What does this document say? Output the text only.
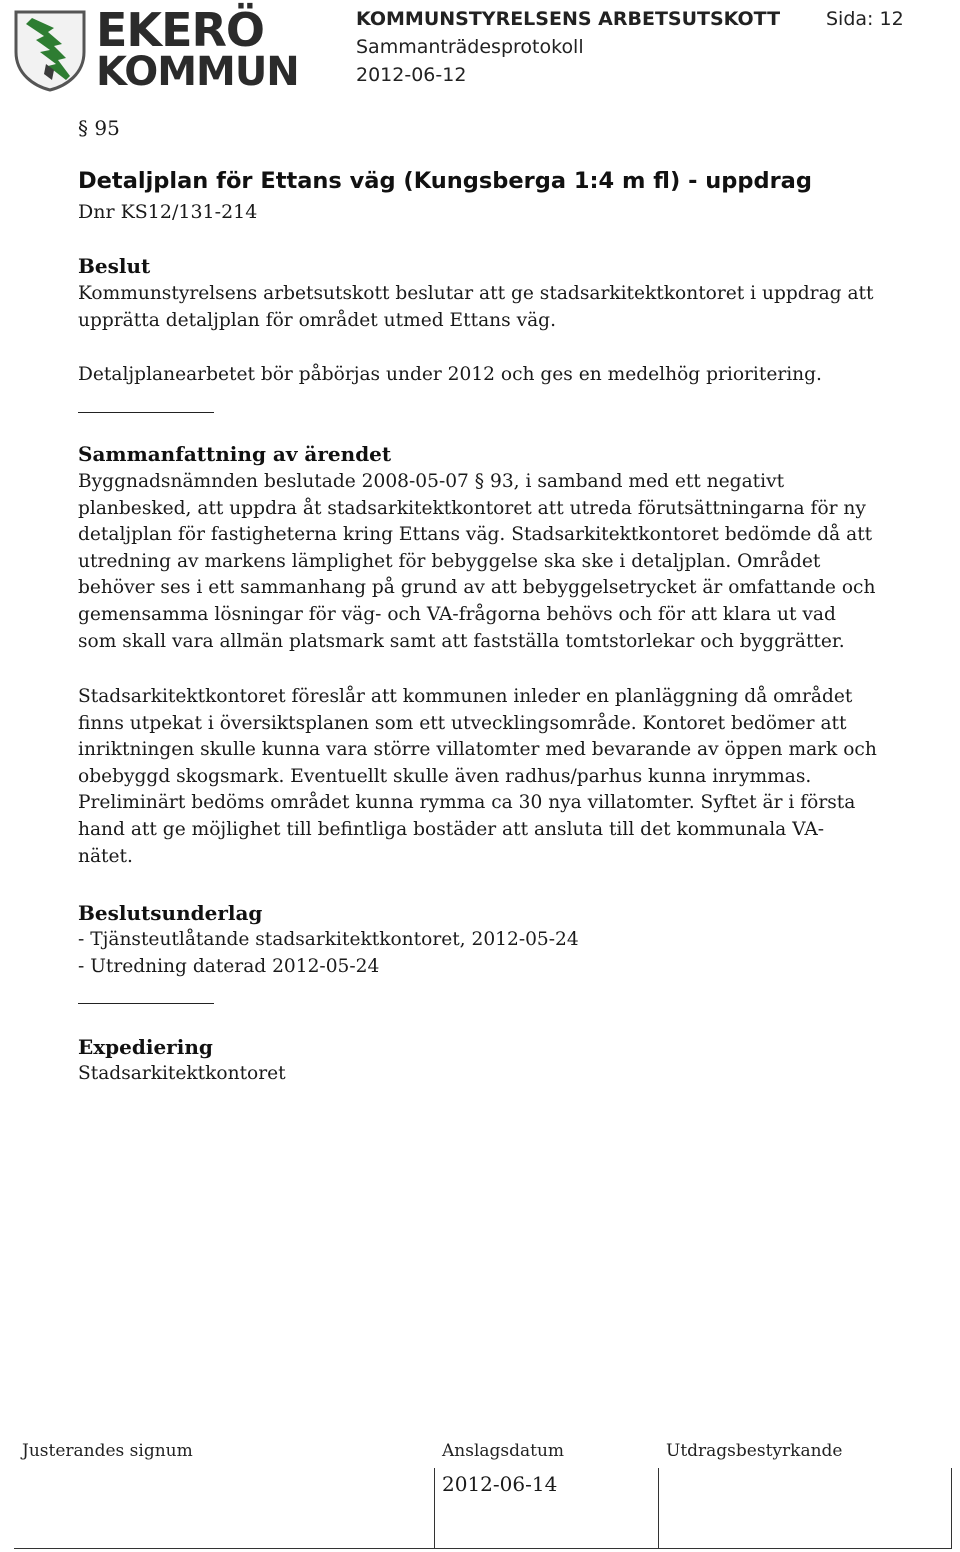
EKERÖ
KOMMUN
KOMMUNSTYRELSENS ARBETSUTSKOTT
Sammanträdesprotokoll
2012-06-12
Sida: 12
§ 95
Detaljplan för Ettans väg (Kungsberga 1:4 m fl) - uppdrag
Dnr KS12/131-214
Beslut

Kommunstyrelsens arbetsutskott beslutar att ge stadsarkitektkontoret i uppdrag att

upprätta detaljplan för området utmed Ettans väg.

Detaljplanearbetet bör påbörjas under 2012 och ges en medelhög prioritering.

Sammanfattning av ärendet

Byggnadsnämnden beslutade 2008-05-07 § 93, i samband med ett negativt

planbesked, att uppdra åt stadsarkitektkontoret att utreda förutsättningarna för ny

detaljplan för fastigheterna kring Ettans väg. Stadsarkitektkontoret bedömde då att

utredning av markens lämplighet för bebyggelse ska ske i detaljplan. Området

behöver ses i ett sammanhang på grund av att bebyggelsetrycket är omfattande och

gemensamma lösningar för väg- och VA-frågorna behövs och för att klara ut vad

som skall vara allmän platsmark samt att fastställa tomtstorlekar och byggrätter.

Stadsarkitektkontoret föreslår att kommunen inleder en planläggning då området

finns utpekat i översiktsplanen som ett utvecklingsområde. Kontoret bedömer att

inriktningen skulle kunna vara större villatomter med bevarande av öppen mark och

obebyggd skogsmark. Eventuellt skulle även radhus/parhus kunna inrymmas.

Preliminärt bedöms området kunna rymma ca 30 nya villatomter. Syftet är i första

hand att ge möjlighet till befintliga bostäder att ansluta till det kommunala VA-

nätet.

Beslutsunderlag

- Tjänsteutlåtande stadsarkitektkontoret, 2012-05-24

- Utredning daterad 2012-05-24

Expediering

Stadsarkitektkontoret

Justerandes signum	Anslagsdatum	Utdragsbestyrkande
2012-06-14
